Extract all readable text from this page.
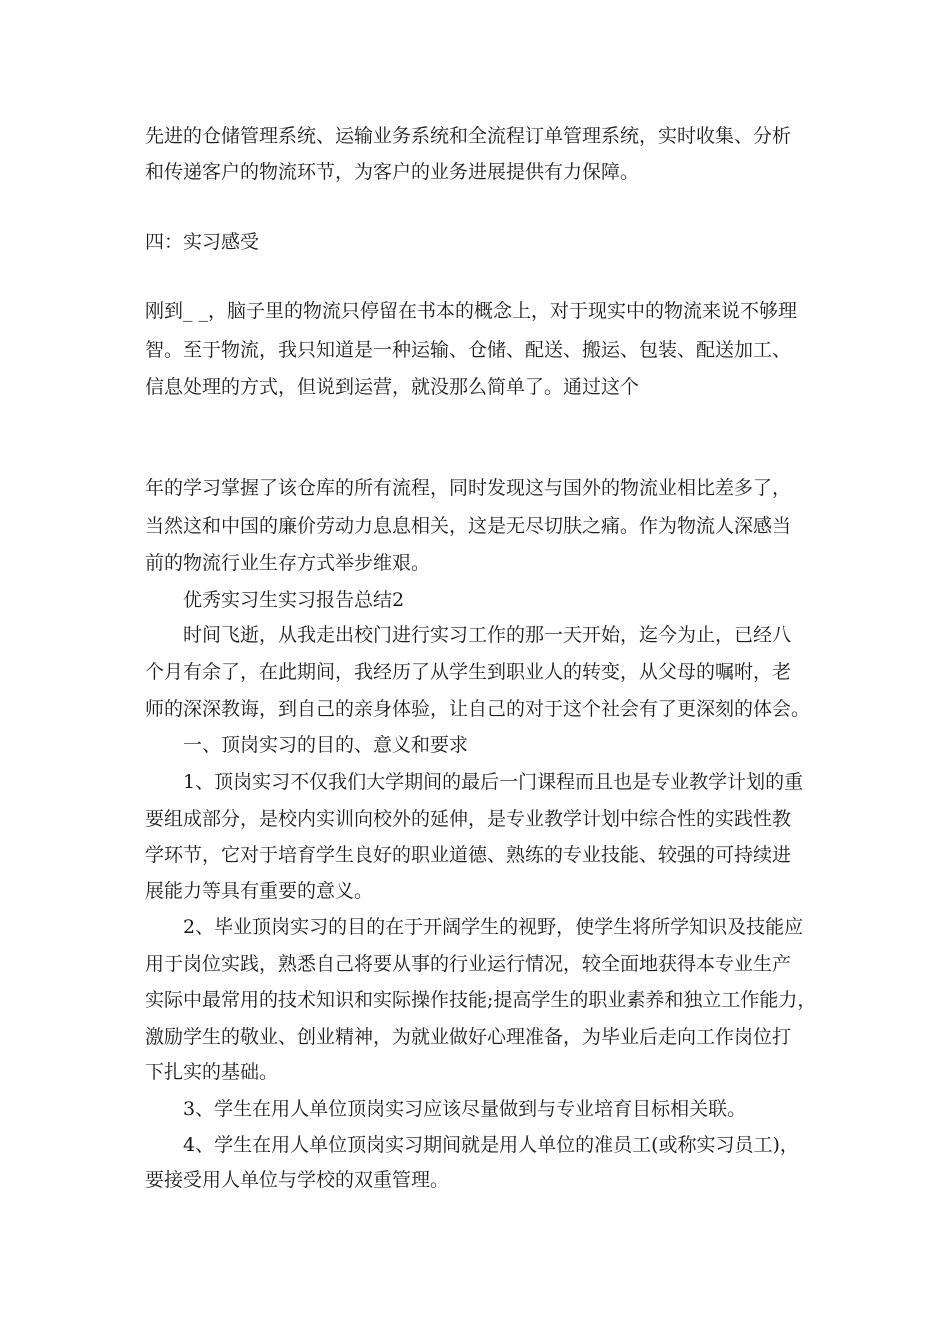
先进的仓储管理系统、运输业务系统和全流程订单管理系统，实时收集、分析
和传递客户的物流环节，为客户的业务进展提供有力保障。
四：实习感受
刚到_ _，脑子里的物流只停留在书本的概念上，对于现实中的物流来说不够理
智。至于物流，我只知道是一种运输、仓储、配送、搬运、包装、配送加工、
信息处理的方式，但说到运营，就没那么简单了。通过这个
年的学习掌握了该仓库的所有流程，同时发现这与国外的物流业相比差多了，
当然这和中国的廉价劳动力息息相关，这是无尽切肤之痛。作为物流人深感当
前的物流行业生存方式举步维艰。
优秀实习生实习报告总结2
时间飞逝，从我走出校门进行实习工作的那一天开始，迄今为止，已经八
个月有余了，在此期间，我经历了从学生到职业人的转变，从父母的嘱咐，老
师的深深教诲，到自己的亲身体验，让自己的对于这个社会有了更深刻的体会。
一、顶岗实习的目的、意义和要求
1、顶岗实习不仅我们大学期间的最后一门课程而且也是专业教学计划的重
要组成部分，是校内实训向校外的延伸，是专业教学计划中综合性的实践性教
学环节，它对于培育学生良好的职业道德、熟练的专业技能、较强的可持续进
展能力等具有重要的意义。
2、毕业顶岗实习的目的在于开阔学生的视野，使学生将所学知识及技能应
用于岗位实践，熟悉自己将要从事的行业运行情况，较全面地获得本专业生产
实际中最常用的技术知识和实际操作技能;提高学生的职业素养和独立工作能力，
激励学生的敬业、创业精神，为就业做好心理准备，为毕业后走向工作岗位打
下扎实的基础。
3、学生在用人单位顶岗实习应该尽量做到与专业培育目标相关联。
4、学生在用人单位顶岗实习期间就是用人单位的准员工(或称实习员工)，
要接受用人单位与学校的双重管理。
